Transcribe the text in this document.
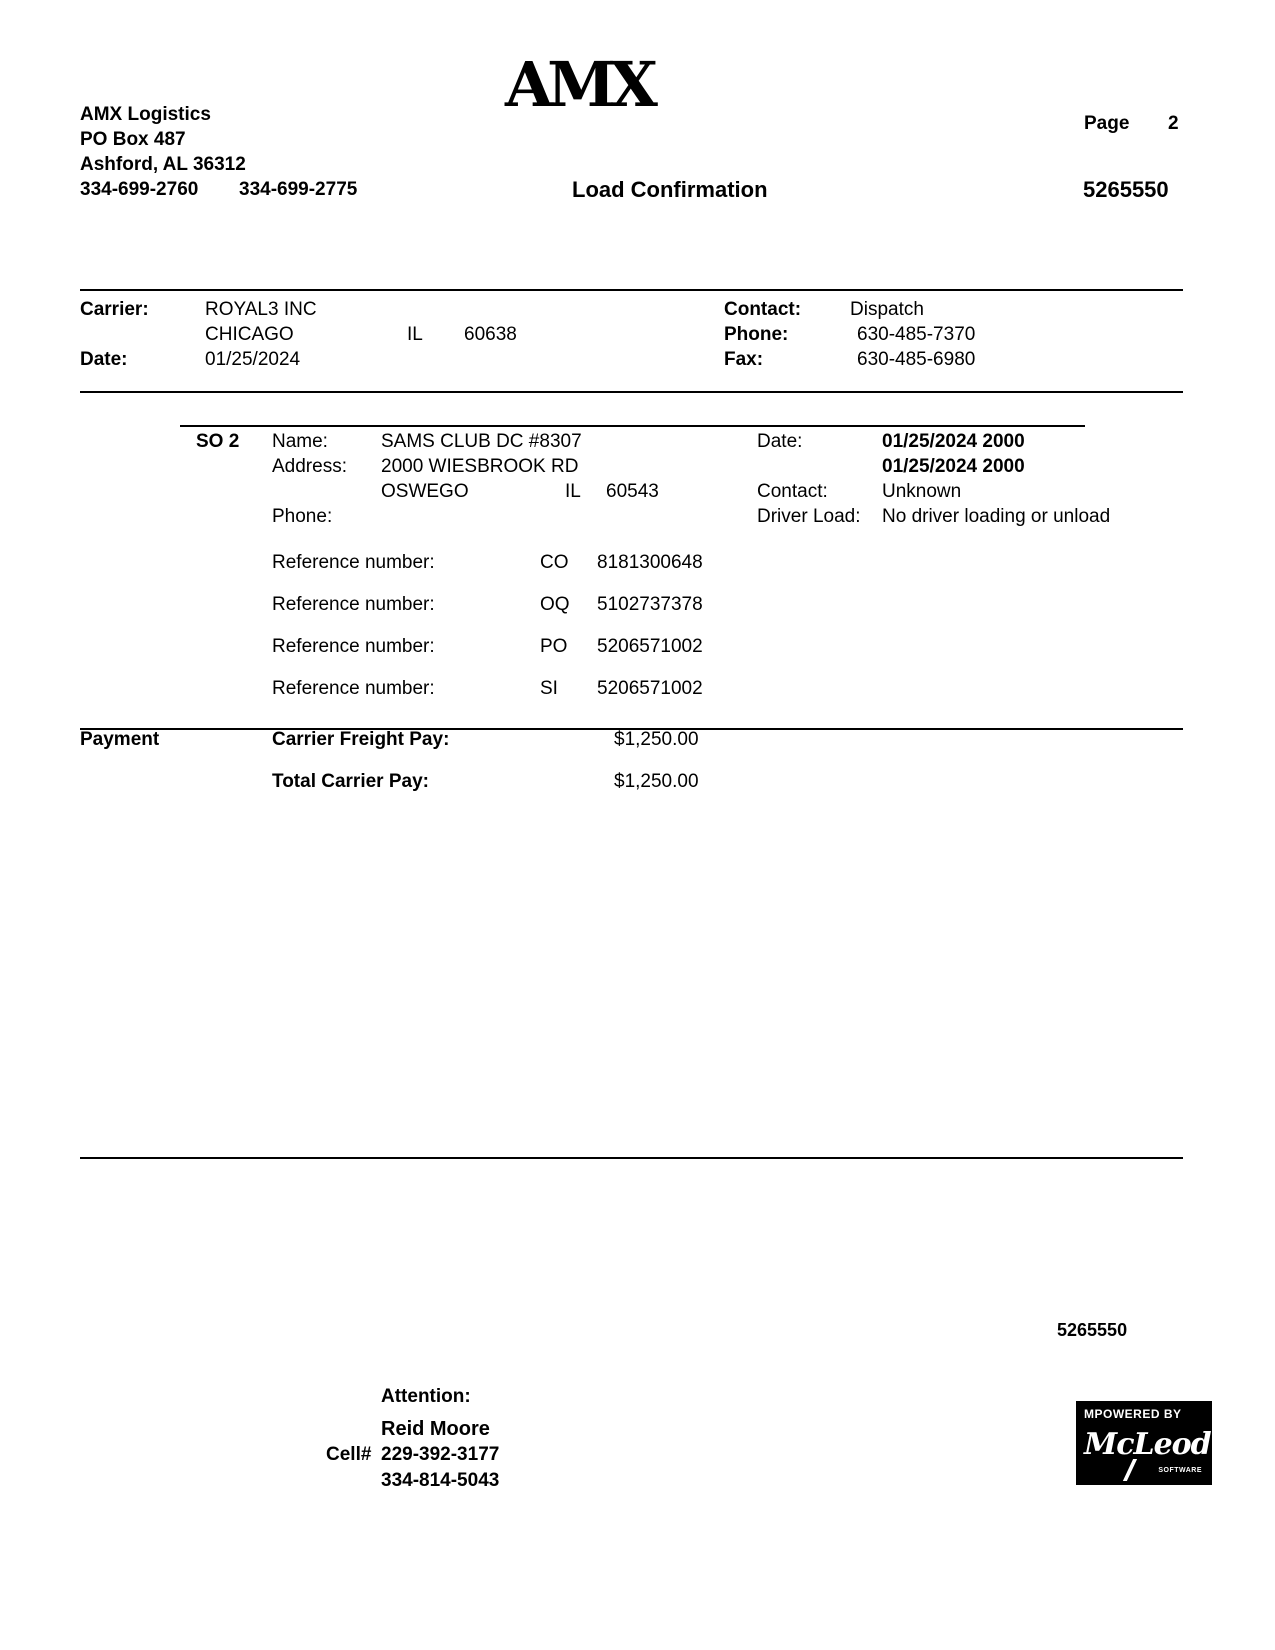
AMX
AMX Logistics
PO Box 487
Ashford, AL 36312
334-699-2760 334-699-2775
Page 2
Load Confirmation	5265550
Carrier:	ROYAL3 INC
CHICAGO	IL 60638
Date:	01/25/2024
Contact:	Dispatch
Phone:	630-485-7370
Fax:	630-485-6980
SO 2 Name:	SAMS CLUB DC #8307
Address: 2000 WIESBROOK RD
OSWEGO	IL 60543
Phone:
Date:	01/25/2024 2000
01/25/2024 2000
Contact:	Unknown
Driver Load: No driver loading or unload
Reference number:	CO 8181300648
Reference number:	OQ 5102737378
Reference number:	PO 5206571002
Reference number:	SI 5206571002
Payment	Carrier Freight Pay:	$1,250.00
Total Carrier Pay:	$1,250.00
5265550
Attention:
Reid Moore
Cell# 229-392-3177
334-814-5043
MPOWERED BY
McLeod
SOFTWARE
